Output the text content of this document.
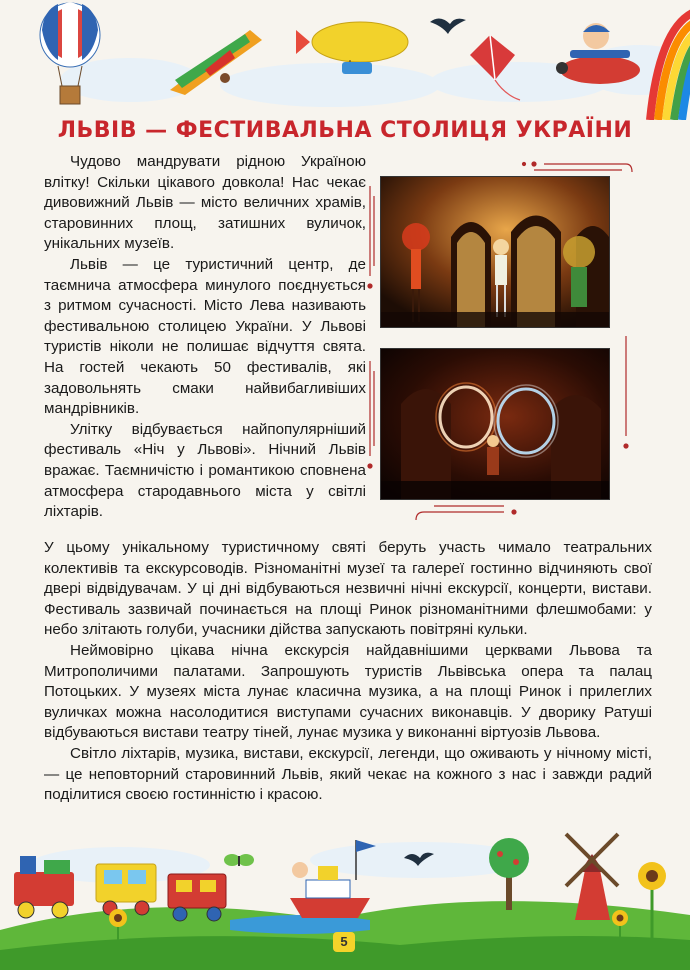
ЛЬВІВ — ФЕСТИВАЛЬНА СТОЛИЦЯ УКРАЇНИ

Чудово мандрувати рідною Україною влітку! Скільки цікавого довкола! Нас чекає дивовижний Львів — місто величних храмів, старовинних площ, затишних вуличок, унікальних музеїв.

Львів — це туристичний центр, де таємнича атмосфера минулого поєднується з ритмом сучасності. Місто Лева називають фестивальною столицею України. У Львові туристів ніколи не полишає відчуття свята. На гостей чекають 50 фестивалів, які задовольнять смаки найвибагливіших мандрівників.

Улітку відбувається найпопулярніший фестиваль «Ніч у Львові». Нічний Львів вражає. Таємничістю і романтикою сповнена атмосфера стародавнього міста у світлі ліхтарів.

У цьому унікальному туристичному святі беруть участь чимало театральних колективів та екскурсоводів. Різноманітні музеї та галереї гостинно відчиняють свої двері відвідувачам. У ці дні відбуваються незвичні нічні екскурсії, концерти, вистави. Фестиваль зазвичай починається на площі Ринок різноманітними флешмобами: у небо злітають голуби, учасники дійства запускають повітряні кульки.

Неймовірно цікава нічна екскурсія найдавнішими церквами Львова та Митрополичими палатами. Запрошують туристів Львівська опера та палац Потоцьких. У музеях міста лунає класична музика, а на площі Ринок і прилеглих вуличках можна насолодитися виступами сучасних виконавців. У дворику Ратуші відбуваються вистави театру тіней, лунає музика у виконанні віртуозів Львова.

Світло ліхтарів, музика, вистави, екскурсії, легенди, що оживають у нічному місті, — це неповторний старовинний Львів, який чекає на кожного з нас і завжди радий поділитися своєю гостинністю і красою.

5
